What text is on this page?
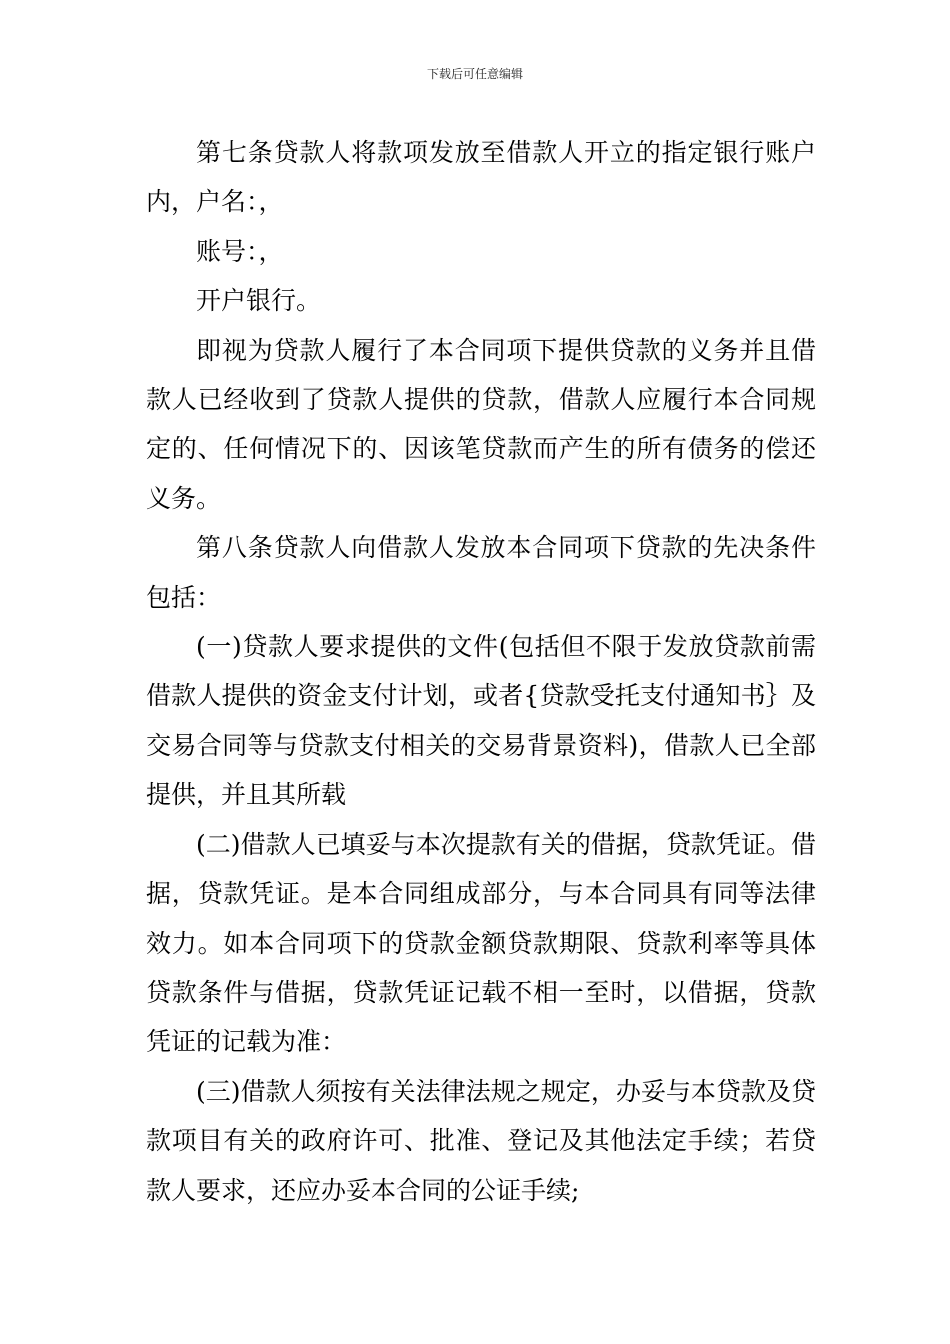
下载后可任意编辑

第七条贷款人将款项发放至借款人开立的指定银行账户内，户名：，

账号：，

开户银行。

即视为贷款人履行了本合同项下提供贷款的义务并且借款人已经收到了贷款人提供的贷款，借款人应履行本合同规定的、任何情况下的、因该笔贷款而产生的所有债务的偿还义务。

第八条贷款人向借款人发放本合同项下贷款的先决条件包括：

(一)贷款人要求提供的文件(包括但不限于发放贷款前需借款人提供的资金支付计划，或者{贷款受托支付通知书｝及交易合同等与贷款支付相关的交易背景资料)，借款人已全部提供，并且其所载

(二)借款人已填妥与本次提款有关的借据，贷款凭证。借据，贷款凭证。是本合同组成部分，与本合同具有同等法律效力。如本合同项下的贷款金额贷款期限、贷款利率等具体贷款条件与借据，贷款凭证记载不相一至时，以借据，贷款凭证的记载为准：

(三)借款人须按有关法律法规之规定，办妥与本贷款及贷款项目有关的政府许可、批准、登记及其他法定手续；若贷款人要求，还应办妥本合同的公证手续;
